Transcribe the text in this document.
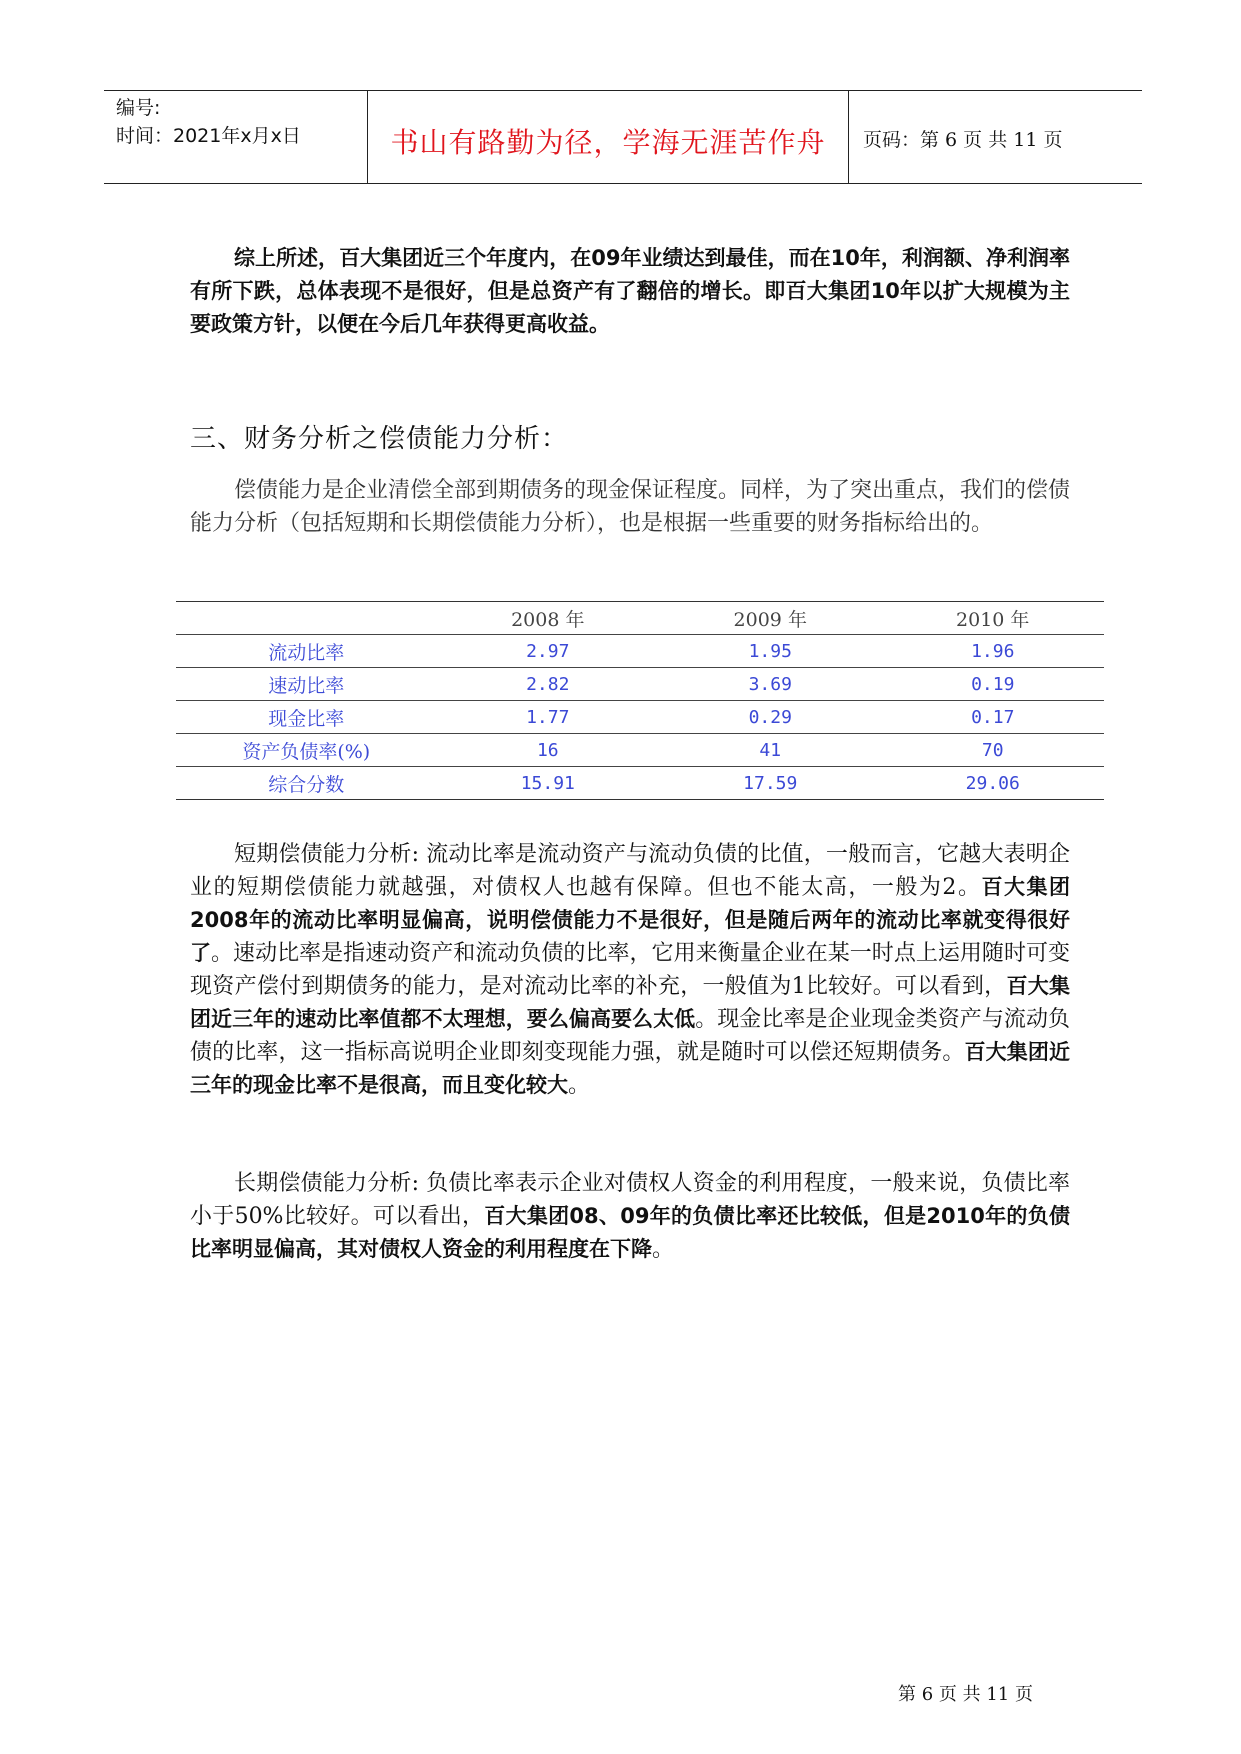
编号:
时间：2021年x月x日	书山有路勤为径，学海无涯苦作舟	页码：第 6 页 共 11 页

综上所述，百大集团近三个年度内，在09年业绩达到最佳，而在10年，利润额、净利润率有所下跌，总体表现不是很好，但是总资产有了翻倍的增长。即百大集团10年以扩大规模为主要政策方针，以便在今后几年获得更高收益。

三、财务分析之偿债能力分析：

偿债能力是企业清偿全部到期债务的现金保证程度。同样，为了突出重点，我们的偿债能力分析（包括短期和长期偿债能力分析），也是根据一些重要的财务指标给出的。

	2008 年	2009 年	2010 年
流动比率	2.97	1.95	1.96
速动比率	2.82	3.69	0.19
现金比率	1.77	0.29	0.17
资产负债率(%)	16	41	70
综合分数	15.91	17.59	29.06

短期偿债能力分析: 流动比率是流动资产与流动负债的比值，一般而言，它越大表明企业的短期偿债能力就越强，对债权人也越有保障。但也不能太高，一般为2。百大集团2008年的流动比率明显偏高，说明偿债能力不是很好，但是随后两年的流动比率就变得很好了。速动比率是指速动资产和流动负债的比率，它用来衡量企业在某一时点上运用随时可变现资产偿付到期债务的能力，是对流动比率的补充，一般值为1比较好。可以看到，百大集团近三年的速动比率值都不太理想，要么偏高要么太低。现金比率是企业现金类资产与流动负债的比率，这一指标高说明企业即刻变现能力强，就是随时可以偿还短期债务。百大集团近三年的现金比率不是很高，而且变化较大。

长期偿债能力分析: 负债比率表示企业对债权人资金的利用程度，一般来说，负债比率小于50%比较好。可以看出，百大集团08、09年的负债比率还比较低，但是2010年的负债比率明显偏高，其对债权人资金的利用程度在下降。

第 6 页 共 11 页
